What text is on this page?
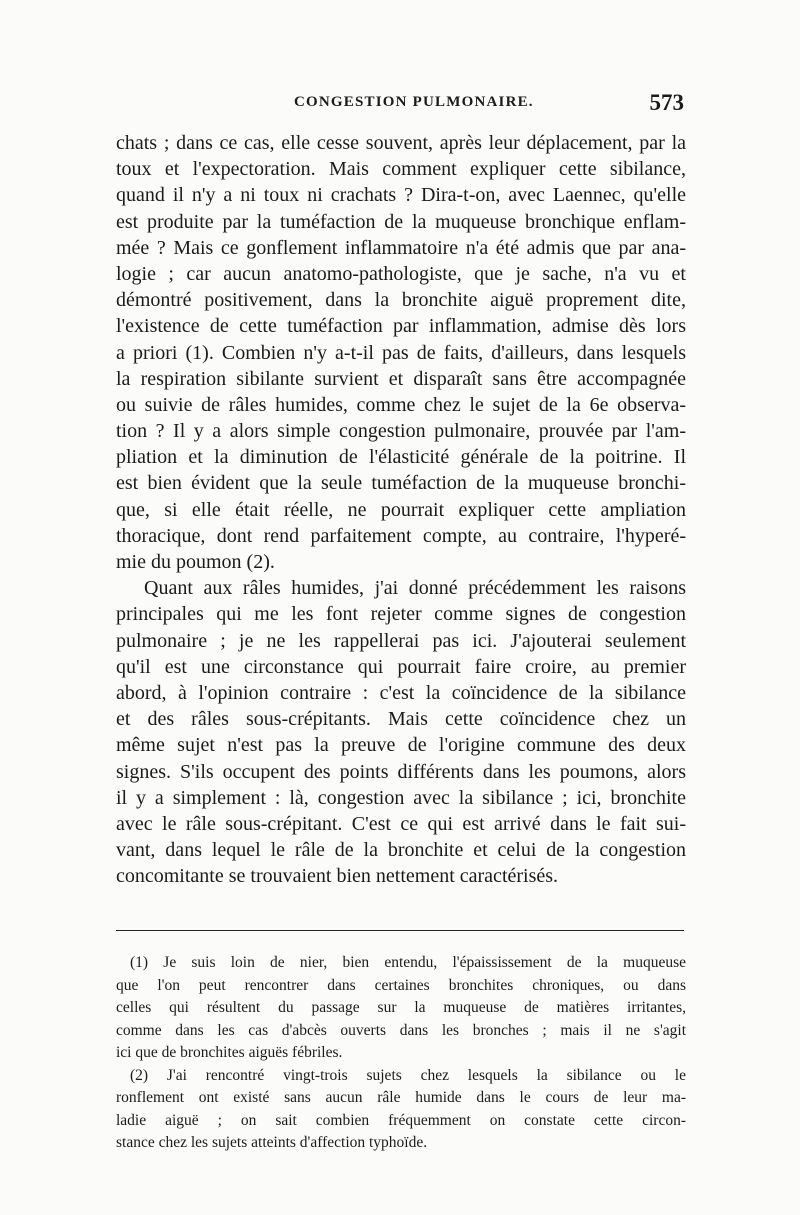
CONGESTION PULMONAIRE.	573
chats ; dans ce cas, elle cesse souvent, après leur déplacement, par la
toux et l'expectoration. Mais comment expliquer cette sibilance,
quand il n'y a ni toux ni crachats ? Dira-t-on, avec Laennec, qu'elle
est produite par la tuméfaction de la muqueuse bronchique enflam-
mée ? Mais ce gonflement inflammatoire n'a été admis que par ana-
logie ; car aucun anatomo-pathologiste, que je sache, n'a vu et
démontré positivement, dans la bronchite aiguë proprement dite,
l'existence de cette tuméfaction par inflammation, admise dès lors
a priori (1). Combien n'y a-t-il pas de faits, d'ailleurs, dans lesquels
la respiration sibilante survient et disparaît sans être accompagnée
ou suivie de râles humides, comme chez le sujet de la 6e observa-
tion ? Il y a alors simple congestion pulmonaire, prouvée par l'am-
pliation et la diminution de l'élasticité générale de la poitrine. Il
est bien évident que la seule tuméfaction de la muqueuse bronchi-
que, si elle était réelle, ne pourrait expliquer cette ampliation
thoracique, dont rend parfaitement compte, au contraire, l'hyperé-
mie du poumon (2).
Quant aux râles humides, j'ai donné précédemment les raisons
principales qui me les font rejeter comme signes de congestion
pulmonaire ; je ne les rappellerai pas ici. J'ajouterai seulement
qu'il est une circonstance qui pourrait faire croire, au premier
abord, à l'opinion contraire : c'est la coïncidence de la sibilance
et des râles sous-crépitants. Mais cette coïncidence chez un
même sujet n'est pas la preuve de l'origine commune des deux
signes. S'ils occupent des points différents dans les poumons, alors
il y a simplement : là, congestion avec la sibilance ; ici, bronchite
avec le râle sous-crépitant. C'est ce qui est arrivé dans le fait sui-
vant, dans lequel le râle de la bronchite et celui de la congestion
concomitante se trouvaient bien nettement caractérisés.
(1) Je suis loin de nier, bien entendu, l'épaississement de la muqueuse
que l'on peut rencontrer dans certaines bronchites chroniques, ou dans
celles qui résultent du passage sur la muqueuse de matières irritantes,
comme dans les cas d'abcès ouverts dans les bronches ; mais il ne s'agit
ici que de bronchites aiguës fébriles.
(2) J'ai rencontré vingt-trois sujets chez lesquels la sibilance ou le
ronflement ont existé sans aucun râle humide dans le cours de leur ma-
ladie aiguë ; on sait combien fréquemment on constate cette circon-
stance chez les sujets atteints d'affection typhoïde.
